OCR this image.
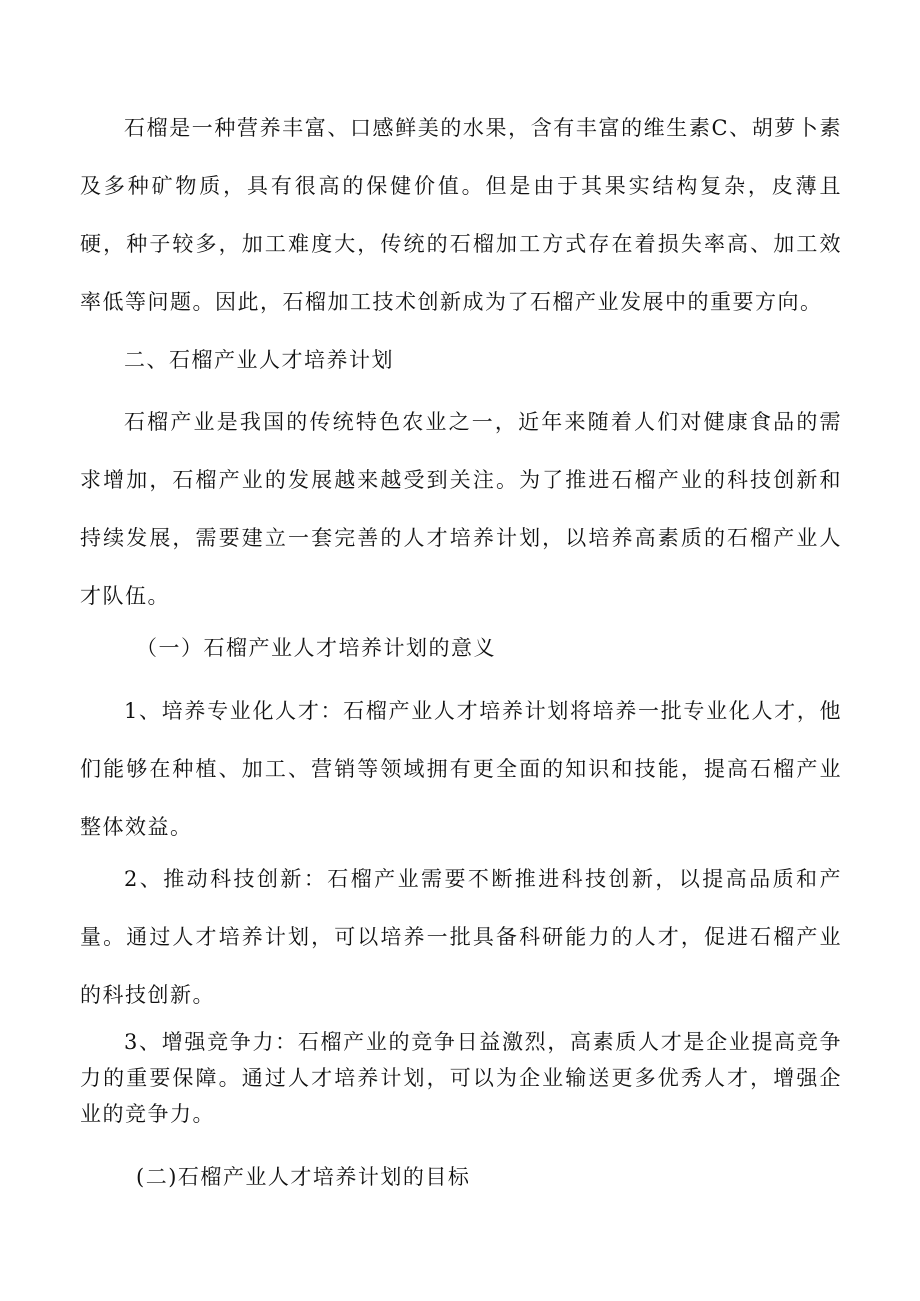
石榴是一种营养丰富、口感鲜美的水果，含有丰富的维生素C、胡萝卜素及多种矿物质，具有很高的保健价值。但是由于其果实结构复杂，皮薄且硬，种子较多，加工难度大，传统的石榴加工方式存在着损失率高、加工效率低等问题。因此，石榴加工技术创新成为了石榴产业发展中的重要方向。

二、石榴产业人才培养计划

石榴产业是我国的传统特色农业之一，近年来随着人们对健康食品的需求增加，石榴产业的发展越来越受到关注。为了推进石榴产业的科技创新和持续发展，需要建立一套完善的人才培养计划，以培养高素质的石榴产业人才队伍。

（一）石榴产业人才培养计划的意义

1、培养专业化人才：石榴产业人才培养计划将培养一批专业化人才，他们能够在种植、加工、营销等领域拥有更全面的知识和技能，提高石榴产业整体效益。

2、推动科技创新：石榴产业需要不断推进科技创新，以提高品质和产量。通过人才培养计划，可以培养一批具备科研能力的人才，促进石榴产业的科技创新。

3、增强竞争力：石榴产业的竞争日益激烈，高素质人才是企业提高竞争力的重要保障。通过人才培养计划，可以为企业输送更多优秀人才，增强企业的竞争力。

(二)石榴产业人才培养计划的目标
